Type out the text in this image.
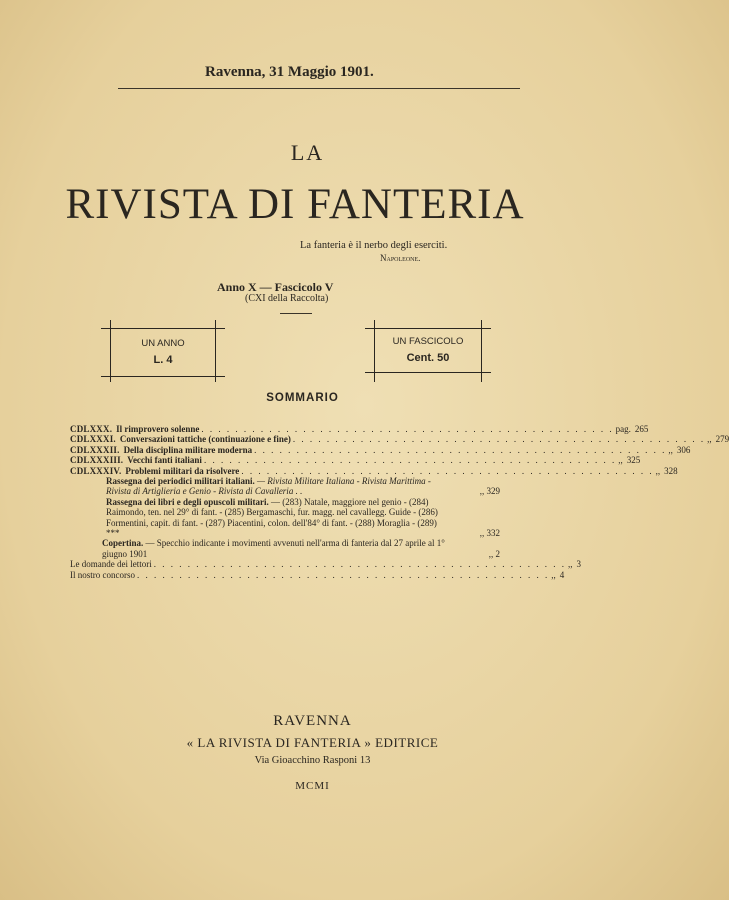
Ravenna, 31 Maggio 1901.
LA
RIVISTA DI FANTERIA
La fanteria è il nerbo degli eserciti.
Napoleone.
Anno X — Fascicolo V
(CXI della Raccolta)
UN ANNO
L. 4
UN FASCICOLO
Cent. 50
SOMMARIO
CDLXXX. Il rimprovero solenne . . . . . . . . . . . . . . . . . . . . . . . . . . . . . . . . . . . . . . . . . . . . . . . . . pag. 265
CDLXXXI. Conversazioni tattiche (continuazione e fine) . . . . . . . . . . . . . . . . . . . . . . . . . . . . . . . . . . . . . . . . . . . . . . . . . ,, 279
CDLXXXII. Della disciplina militare moderna . . . . . . . . . . . . . . . . . . . . . . . . . . . . . . . . . . . . . . . . . . . . . . . . . ,, 306
CDLXXXIII. Vecchi fanti italiani . . . . . . . . . . . . . . . . . . . . . . . . . . . . . . . . . . . . . . . . . . . . . . . . . ,, 325
CDLXXXIV. Problemi militari da risolvere . . . . . . . . . . . . . . . . . . . . . . . . . . . . . . . . . . . . . . . . . . . . . . . . . ,, 328
Rassegna dei periodici militari italiani. — Rivista Militare Italiana - Rivista Marittima - Rivista di Artiglieria e Genio - Rivista di Cavalleria . .	,, 329
Rassegna dei libri e degli opuscoli militari. — (283) Natale, maggiore nel genio - (284) Raimondo, ten. nel 29° di fant. - (285) Bergamaschi, fur. magg. nel cavallegg. Guide - (286) Formentini, capit. di fant. - (287) Piacentini, colon. dell'84° di fant. - (288) Moraglia - (289) ***	,, 332
Copertina. — Specchio indicante i movimenti avvenuti nell'arma di fanteria dal 27 aprile al 1° giugno 1901	,, 2
Le domande dei lettori . . . . . . . . . . . . . . . . . . . . . . . . . . . . . . . . . . . . . . . . . . . . . . . . . ,, 3
Il nostro concorso . . . . . . . . . . . . . . . . . . . . . . . . . . . . . . . . . . . . . . . . . . . . . . . . . ,, 4
RAVENNA
« LA RIVISTA DI FANTERIA » EDITRICE
Via Gioacchino Rasponi 13
MCMI
